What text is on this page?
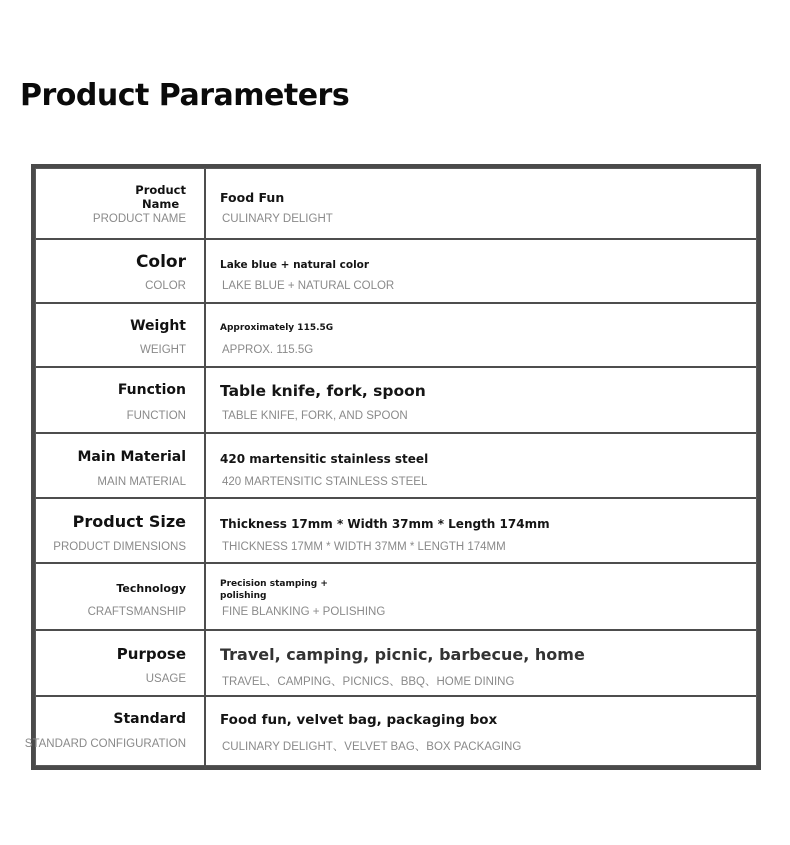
Product Parameters
Product
Name
PRODUCT NAME
Food Fun
CULINARY DELIGHT
Color
COLOR
Lake blue + natural color
LAKE BLUE + NATURAL COLOR
Weight
WEIGHT
Approximately 115.5G
APPROX. 115.5G
Function
FUNCTION
Table knife, fork, spoon
TABLE KNIFE, FORK, AND SPOON
Main Material
MAIN MATERIAL
420 martensitic stainless steel
420 MARTENSITIC STAINLESS STEEL
Product Size
PRODUCT DIMENSIONS
Thickness 17mm * Width 37mm * Length 174mm
THICKNESS 17MM * WIDTH 37MM * LENGTH 174MM
Technology
CRAFTSMANSHIP
Precision stamping +
polishing
FINE BLANKING + POLISHING
Purpose
USAGE
Travel, camping, picnic, barbecue, home
TRAVEL、CAMPING、PICNICS、BBQ、HOME DINING
Standard
STANDARD CONFIGURATION
Food fun, velvet bag, packaging box
CULINARY DELIGHT、VELVET BAG、BOX PACKAGING
